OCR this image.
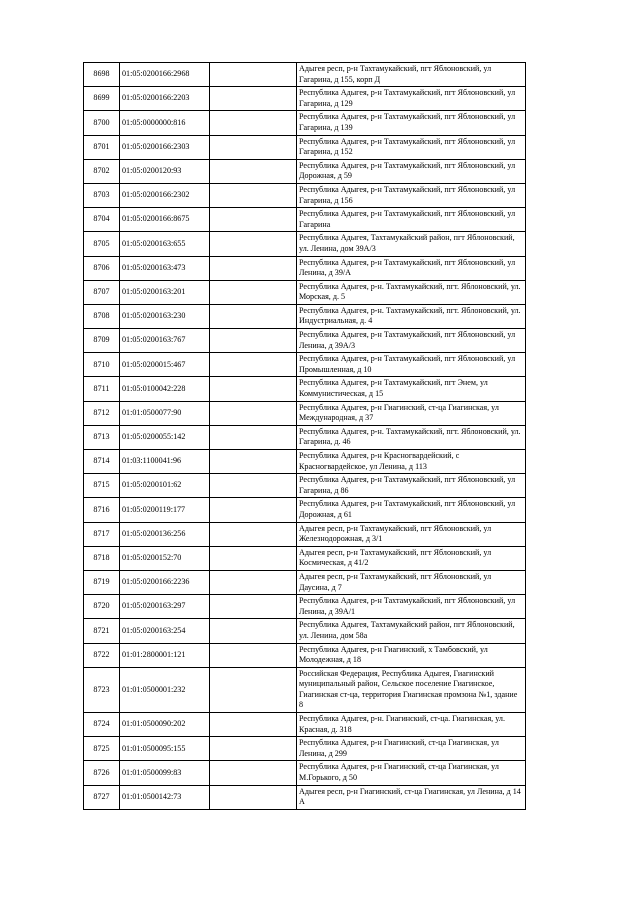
8698	01:05:0200166:2968		Адыгея респ, р-н Тахтамукайский, пгт Яблоновский, ул Гагарина, д 155, корп Д
8699	01:05:0200166:2203		Республика Адыгея, р-н Тахтамукайский, пгт Яблоновский, ул Гагарина, д 129
8700	01:05:0000000:816		Республика Адыгея, р-н Тахтамукайский, пгт Яблоновский, ул Гагарина, д 139
8701	01:05:0200166:2303		Республика Адыгея, р-н Тахтамукайский, пгт Яблоновский, ул Гагарина, д 152
8702	01:05:0200120:93		Республика Адыгея, р-н Тахтамукайский, пгт Яблоновский, ул Дорожная, д 59
8703	01:05:0200166:2302		Республика Адыгея, р-н Тахтамукайский, пгт Яблоновский, ул Гагарина, д 156
8704	01:05:0200166:8675		Республика Адыгея, р-н Тахтамукайский, пгт Яблоновский, ул Гагарина
8705	01:05:0200163:655		Республика Адыгея, Тахтамукайский район, пгт Яблоновский, ул. Ленина, дом 39А/3
8706	01:05:0200163:473		Республика Адыгея, р-н Тахтамукайский, пгт Яблоновский, ул Ленина, д 39/А
8707	01:05:0200163:201		Республика Адыгея, р-н. Тахтамукайский, пгт. Яблоновский, ул. Морская, д. 5
8708	01:05:0200163:230		Республика Адыгея, р-н. Тахтамукайский, пгт. Яблоновский, ул. Индустриальная, д. 4
8709	01:05:0200163:767		Республика Адыгея, р-н Тахтамукайский, пгт Яблоновский, ул Ленина, д 39А/3
8710	01:05:0200015:467		Республика Адыгея, р-н Тахтамукайский, пгт Яблоновский, ул Промышленная, д 10
8711	01:05:0100042:228		Республика Адыгея, р-н Тахтамукайский, пгт Энем, ул Коммунистическая, д 15
8712	01:01:0500077:90		Республика Адыгея, р-н Гиагинский, ст-ца Гиагинская, ул Международная, д 37
8713	01:05:0200055:142		Республика Адыгея, р-н. Тахтамукайский, пгт. Яблоновский, ул. Гагарина, д. 46
8714	01:03:1100041:96		Республика Адыгея, р-н Красногвардейский, с Красногвардейское, ул Ленина, д 113
8715	01:05:0200101:62		Республика Адыгея, р-н Тахтамукайский, пгт Яблоновский, ул Гагарина, д 86
8716	01:05:0200119:177		Республика Адыгея, р-н Тахтамукайский, пгт Яблоновский, ул Дорожная, д 61
8717	01:05:0200136:256		Адыгея респ, р-н Тахтамукайский, пгт Яблоновский, ул Железнодорожная, д 3/1
8718	01:05:0200152:70		Адыгея респ, р-н Тахтамукайский, пгт Яблоновский, ул Космическая, д 41/2
8719	01:05:0200166:2236		Адыгея респ, р-н Тахтамукайский, пгт Яблоновский, ул Даусина, д 7
8720	01:05:0200163:297		Республика Адыгея, р-н Тахтамукайский, пгт Яблоновский, ул Ленина, д 39А/1
8721	01:05:0200163:254		Республика Адыгея, Тахтамукайский район, пгт Яблоновский, ул. Ленина, дом 58а
8722	01:01:2800001:121		Республика Адыгея, р-н Гиагинский, х Тамбовский, ул Молодежная, д 18
8723	01:01:0500001:232		Российская Федерация, Республика Адыгея, Гиагинский муниципальный район, Сельское поселение Гиагинское, Гиагинская ст-ца, территория Гиагинская промзона №1, здание 8
8724	01:01:0500090:202		Республика Адыгея, р-н. Гиагинский, ст-ца. Гиагинская, ул. Красная, д. 318
8725	01:01:0500095:155		Республика Адыгея, р-н Гиагинский, ст-ца Гиагинская, ул Ленина, д 299
8726	01:01:0500099:83		Республика Адыгея, р-н Гиагинский, ст-ца Гиагинская, ул М.Горького, д 50
8727	01:01:0500142:73		Адыгея респ, р-н Гиагинский, ст-ца Гиагинская, ул Ленина, д 14 А
